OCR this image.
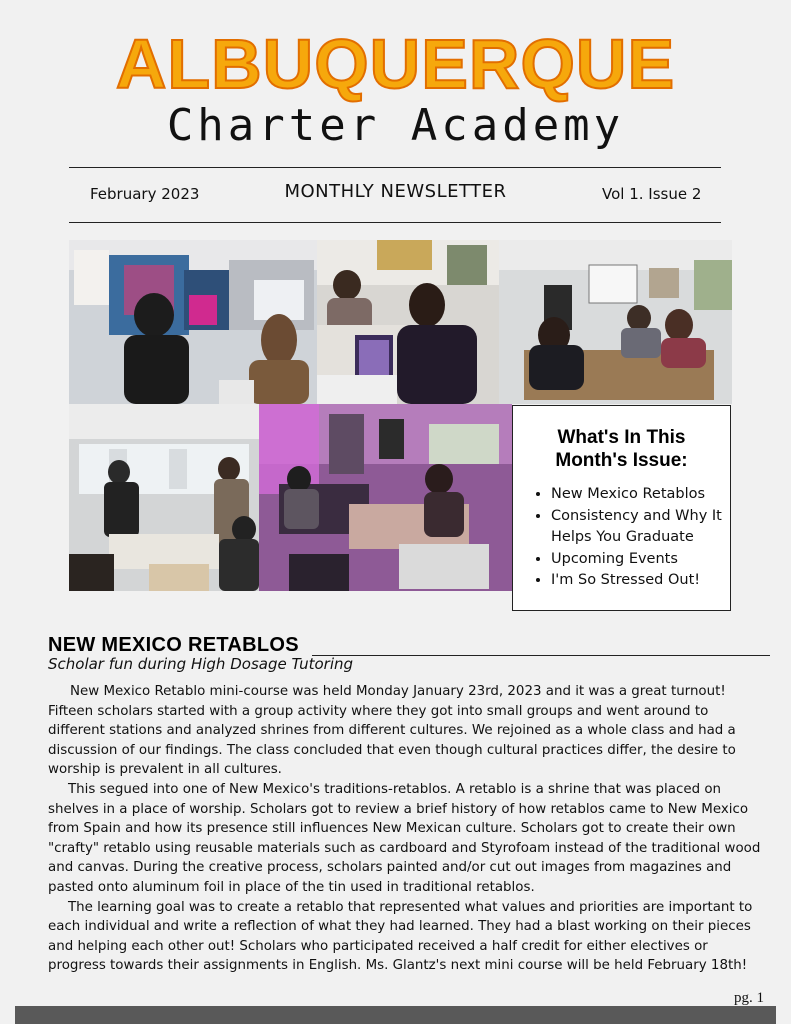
ALBUQUERQUE
Charter Academy
February 2023	MONTHLY NEWSLETTER	Vol 1. Issue 2
What's In This
Month's Issue:
• New Mexico Retablos
• Consistency and Why It Helps You Graduate
• Upcoming Events
• I'm So Stressed Out!
NEW MEXICO RETABLOS
Scholar fun during High Dosage Tutoring

New Mexico Retablo mini-course was held Monday January 23rd, 2023 and it was a great turnout! Fifteen scholars started with a group activity where they got into small groups and went around to different stations and analyzed shrines from different cultures. We rejoined as a whole class and had a discussion of our findings. The class concluded that even though cultural practices differ, the desire to worship is prevalent in all cultures.

This segued into one of New Mexico's traditions-retablos. A retablo is a shrine that was placed on shelves in a place of worship. Scholars got to review a brief history of how retablos came to New Mexico from Spain and how its presence still influences New Mexican culture. Scholars got to create their own "crafty" retablo using reusable materials such as cardboard and Styrofoam instead of the traditional wood and canvas. During the creative process, scholars painted and/or cut out images from magazines and pasted onto aluminum foil in place of the tin used in traditional retablos.

The learning goal was to create a retablo that represented what values and priorities are important to each individual and write a reflection of what they had learned. They had a blast working on their pieces and helping each other out! Scholars who participated received a half credit for either electives or progress towards their assignments in English. Ms. Glantz's next mini course will be held February 18th!

pg. 1
